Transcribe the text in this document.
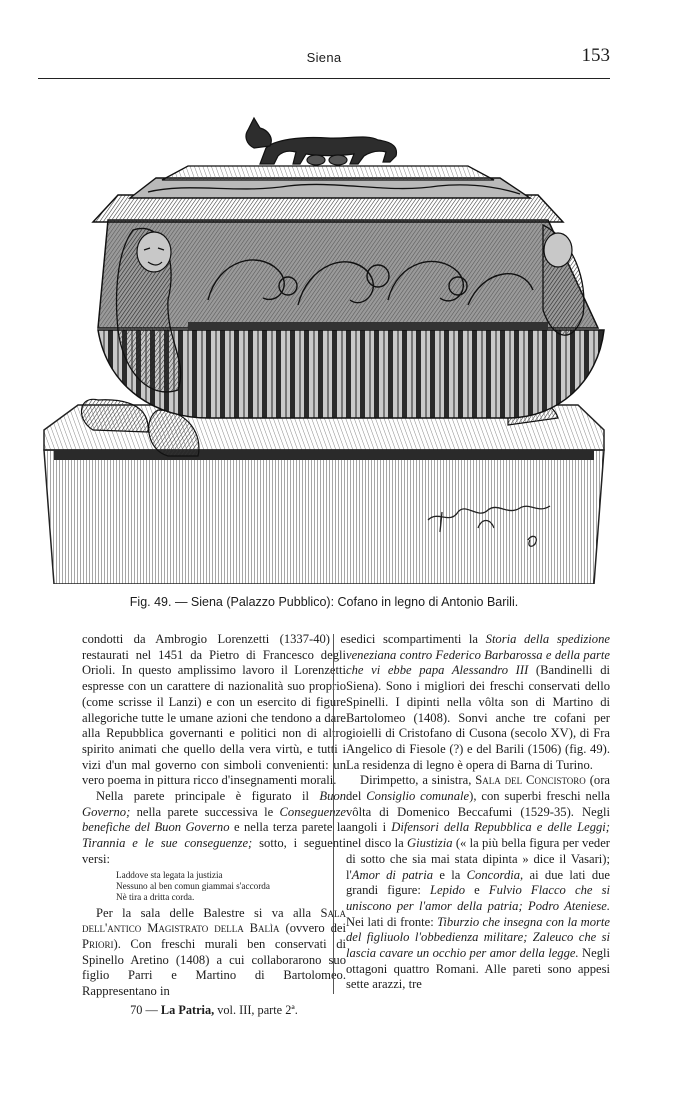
Siena	153
Fig. 49. — Siena (Palazzo Pubblico): Cofano in legno di Antonio Barili.

condotti da Ambrogio Lorenzetti (1337-40) e restaurati nel 1451 da Pietro di Francesco degli Orioli. In questo amplissimo lavoro il Lorenzetti espresse con un carattere di nazionalità suo proprio (come scrisse il Lanzi) e con un esercito di figure allegoriche tutte le umane azioni che tendono a dare alla Repubblica governanti e politici non di altro spirito animati che quello della vera virtù, e tutti i vizi d'un mal governo con simboli convenienti: un vero poema in pittura ricco d'insegnamenti morali.

Nella parete principale è figurato il Buon Governo; nella parete successiva le Conseguenze benefiche del Buon Governo e nella terza parete la Tirannia e le sue conseguenze; sotto, i seguenti versi:

Laddove sta legata la justizia
Nessuno al ben comun giammai s'accorda
Nè tira a dritta corda.

Per la sala delle Balestre si va alla Sala dell'antico Magistrato della Balìa (ovvero dei Priori). Con freschi murali ben conservati di Spinello Aretino (1408) a cui collaborarono suo figlio Parri e Martino di Bartolomeo. Rappresentano in

sedici scompartimenti la Storia della spedizione veneziana contro Federico Barbarossa e della parte che vi ebbe papa Alessandro III (Bandinelli di Siena). Sono i migliori dei freschi conservati dello Spinelli. I dipinti nella vôlta son di Martino di Bartolomeo (1408). Sonvi anche tre cofani per gioielli di Cristofano di Cusona (secolo XV), di Fra Angelico di Fiesole (?) e del Barili (1506) (fig. 49). La residenza di legno è opera di Barna di Turino.

Dirimpetto, a sinistra, Sala del Concistoro (ora del Consiglio comunale), con superbi freschi nella vôlta di Domenico Beccafumi (1529-35). Negli angoli i Difensori della Repubblica e delle Leggi; nel disco la Giustizia (« la più bella figura per veder di sotto che sia mai stata dipinta » dice il Vasari); l'Amor di patria e la Concordia, ai due lati due grandi figure: Lepido e Fulvio Flacco che si uniscono per l'amor della patria; Podro Ateniese. Nei lati di fronte: Tiburzio che insegna con la morte del figliuolo l'obbedienza militare; Zaleuco che si lascia cavare un occhio per amor della legge. Negli ottagoni quattro Romani. Alle pareti sono appesi sette arazzi, tre

70 — La Patria, vol. III, parte 2ª.
